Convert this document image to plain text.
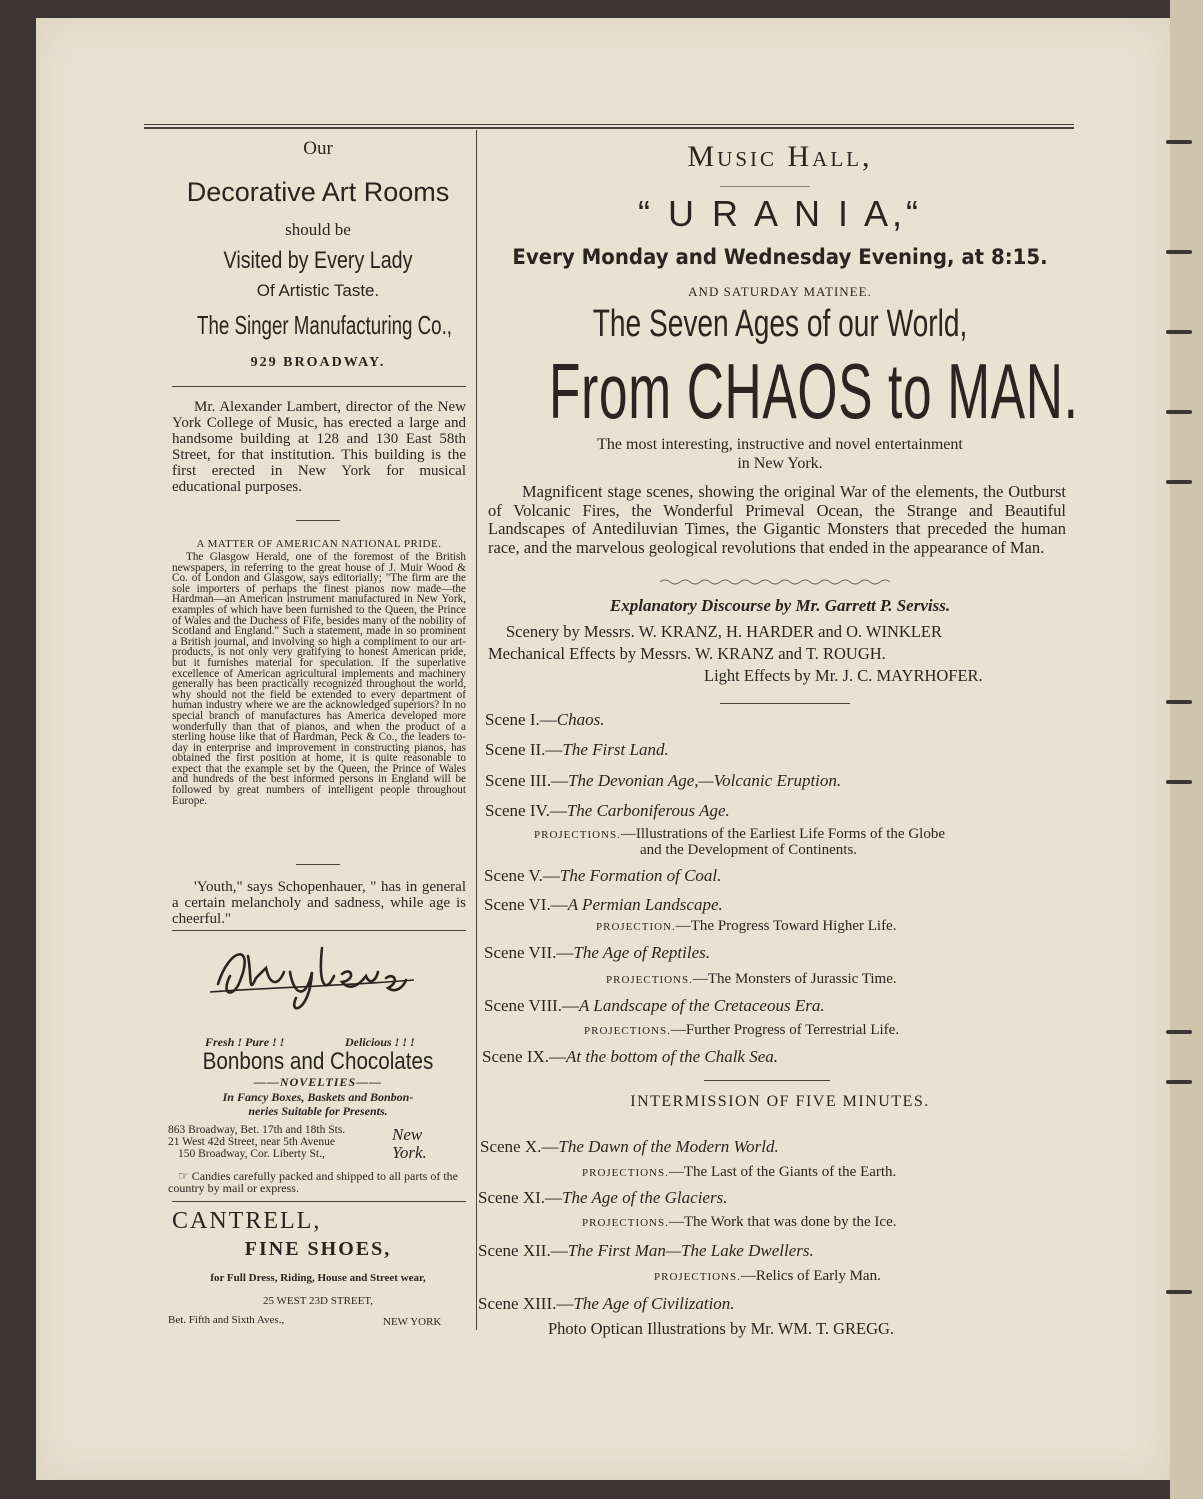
Our
Decorative Art Rooms
should be
Visited by Every Lady
Of Artistic Taste.
The Singer Manufacturing Co.,
929 BROADWAY.
Mr. Alexander Lambert, director of the New York College of Music, has erected a large and handsome building at 128 and 130 East 58th Street, for that institution. This building is the first erected in New York for musical educational purposes.
A MATTER OF AMERICAN NATIONAL PRIDE.
The Glasgow Herald, one of the foremost of the British newspapers, in referring to the great house of J. Muir Wood & Co. of London and Glasgow, says editorially; "The firm are the sole importers of perhaps the finest pianos now made—the Hardman—an American instrument manufactured in New York, examples of which have been furnished to the Queen, the Prince of Wales and the Duchess of Fife, besides many of the nobility of Scotland and England." Such a statement, made in so prominent a British journal, and involving so high a compliment to our art-products, is not only very gratifying to honest American pride, but it furnishes material for speculation. If the superlative excellence of American agricultural implements and machinery generally has been practically recognized throughout the world, why should not the field be extended to every department of human industry where we are the acknowledged superiors? In no special branch of manufactures has America developed more wonderfully than that of pianos, and when the product of a sterling house like that of Hardman, Peck & Co., the leaders to-day in enterprise and improvement in constructing pianos, has obtained the first position at home, it is quite reasonable to expect that the example set by the Queen, the Prince of Wales and hundreds of the best informed persons in England will be followed by great numbers of intelligent people throughout Europe.
'Youth," says Schopenhauer, " has in general a certain melancholy and sadness, while age is cheerful."
Fresh ! Pure ! !	Delicious ! ! !
Bonbons and Chocolates
——NOVELTIES——
In Fancy Boxes, Baskets and Bonbon-
neries Suitable for Presents.
863 Broadway, Bet. 17th and 18th Sts.
21 West 42d Street, near 5th Avenue
150 Broadway, Cor. Liberty St.,
New York.
☞ Candies carefully packed and shipped to all parts of the country by mail or express.
CANTRELL,
FINE SHOES,
for Full Dress, Riding, House and Street wear,
25 WEST 23D STREET,
Bet. Fifth and Sixth Aves.,	NEW YORK
Music Hall,
“ U R A N I A,“
Every Monday and Wednesday Evening, at 8:15.
AND SATURDAY MATINEE.
The Seven Ages of our World,
From CHAOS to MAN.
The most interesting, instructive and novel entertainment
in New York.
Magnificent stage scenes, showing the original War of the elements, the Outburst of Volcanic Fires, the Wonderful Primeval Ocean, the Strange and Beautiful Landscapes of Antediluvian Times, the Gigantic Monsters that preceded the human race, and the marvelous geological revolutions that ended in the appearance of Man.
Explanatory Discourse by Mr. Garrett P. Serviss.
Scenery by Messrs. W. KRANZ, H. HARDER and O. WINKLER
Mechanical Effects by Messrs. W. KRANZ and T. ROUGH.
Light Effects by Mr. J. C. MAYRHOFER.
Scene I.—Chaos.
Scene II.—The First Land.
Scene III.—The Devonian Age,—Volcanic Eruption.
Scene IV.—The Carboniferous Age.
PROJECTIONS.—Illustrations of the Earliest Life Forms of the Globe
and the Development of Continents.
Scene V.—The Formation of Coal.
Scene VI.—A Permian Landscape.
PROJECTION.—The Progress Toward Higher Life.
Scene VII.—The Age of Reptiles.
PROJECTIONS.—The Monsters of Jurassic Time.
Scene VIII.—A Landscape of the Cretaceous Era.
PROJECTIONS.—Further Progress of Terrestrial Life.
Scene IX.—At the bottom of the Chalk Sea.
INTERMISSION OF FIVE MINUTES.
Scene X.—The Dawn of the Modern World.
PROJECTIONS.—The Last of the Giants of the Earth.
Scene XI.—The Age of the Glaciers.
PROJECTIONS.—The Work that was done by the Ice.
Scene XII.—The First Man—The Lake Dwellers.
PROJECTIONS.—Relics of Early Man.
Scene XIII.—The Age of Civilization.
Photo Optican Illustrations by Mr. WM. T. GREGG.
